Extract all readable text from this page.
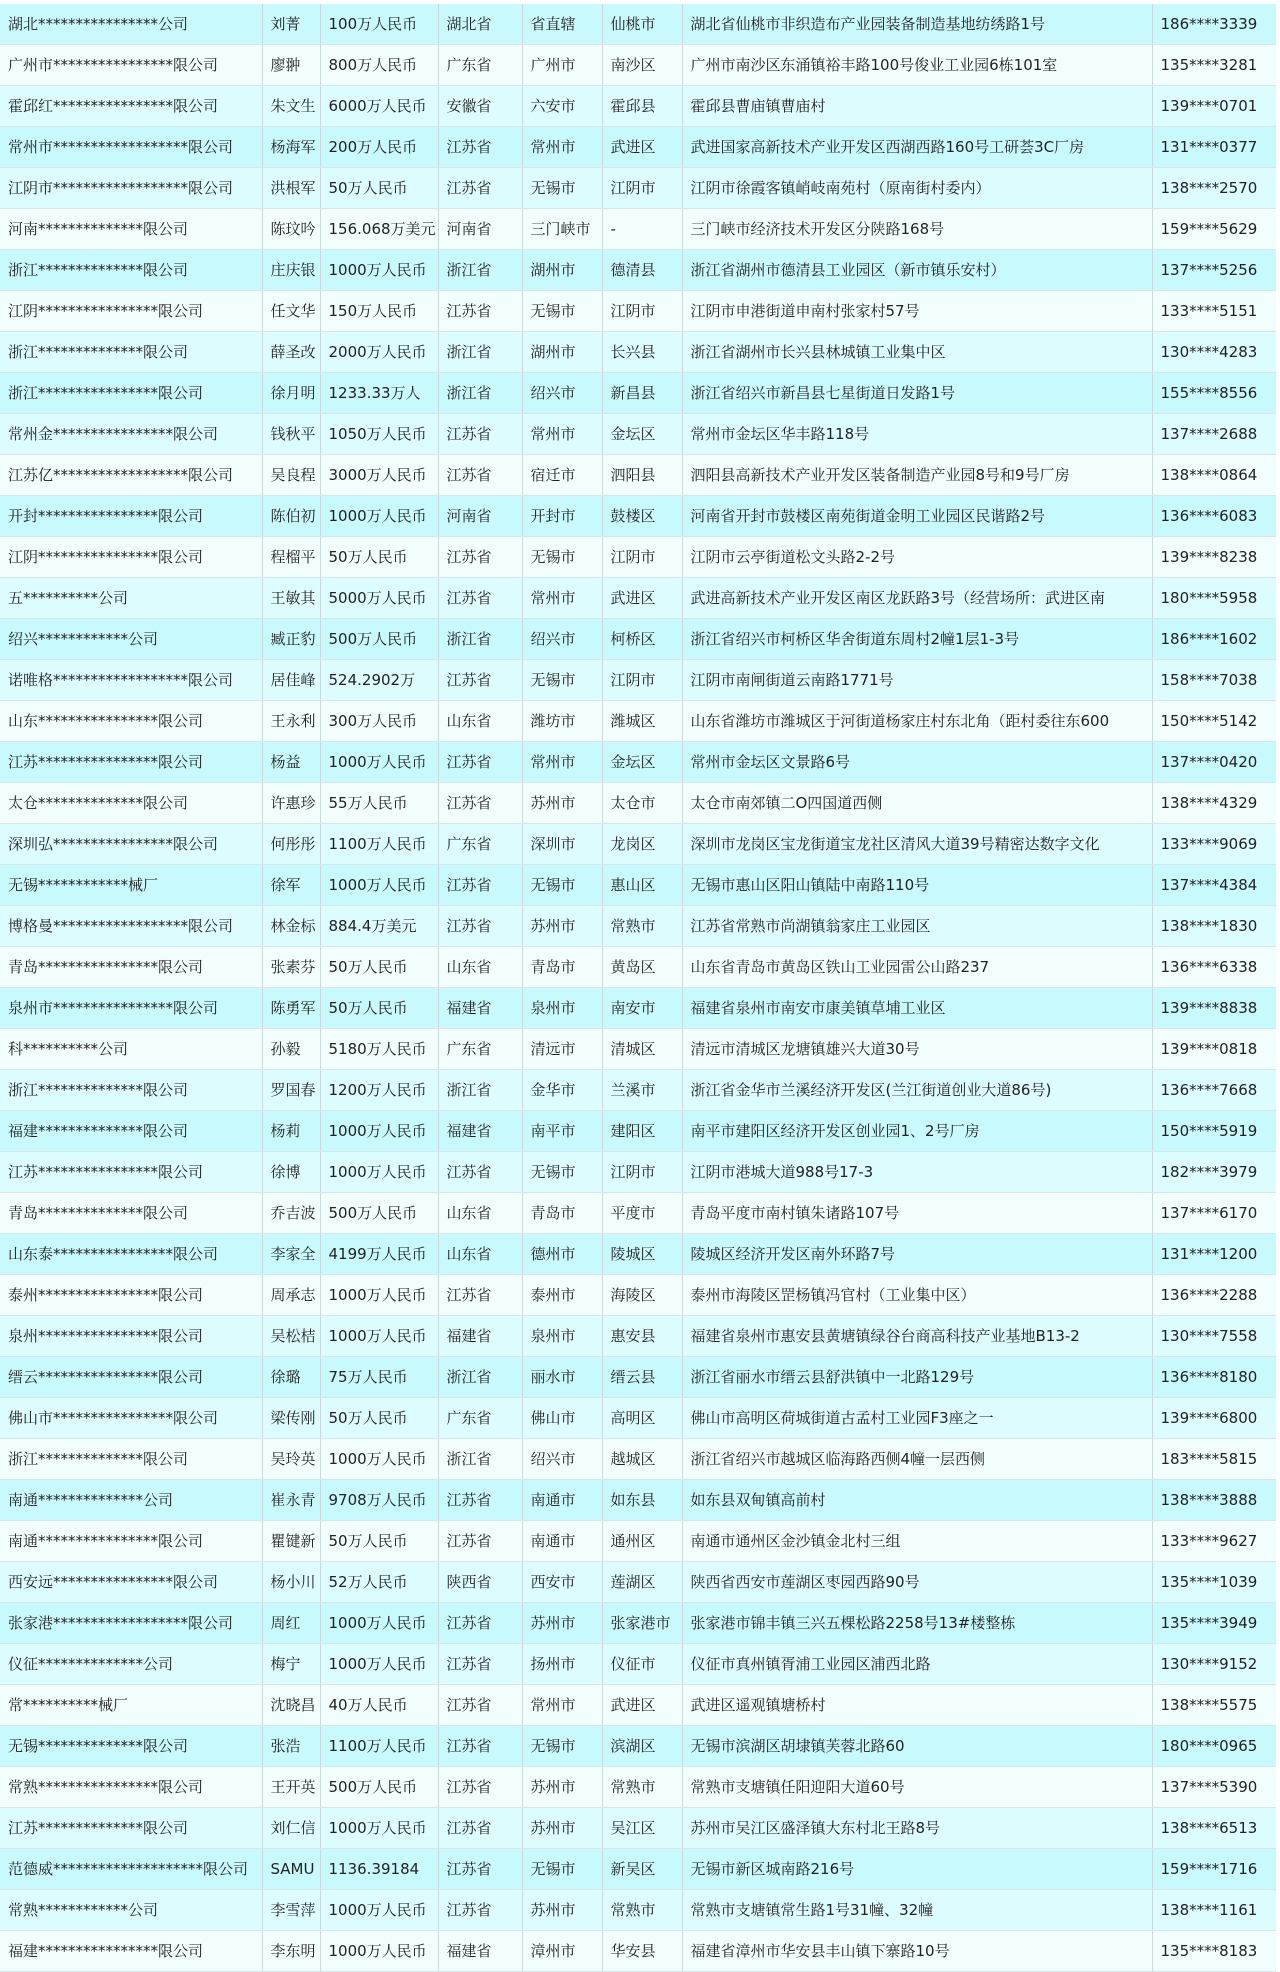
湖北****************公司	刘菁	100万人民币	湖北省	省直辖	仙桃市	湖北省仙桃市非织造布产业园装备制造基地纺绣路1号	186****3339
广州市****************限公司	廖翀	800万人民币	广东省	广州市	南沙区	广州市南沙区东涌镇裕丰路100号俊业工业园6栋101室	135****3281
霍邱红****************限公司	朱文生	6000万人民币	安徽省	六安市	霍邱县	霍邱县曹庙镇曹庙村	139****0701
常州市******************限公司	杨海军	200万人民币	江苏省	常州市	武进区	武进国家高新技术产业开发区西湖西路160号工研荟3C厂房	131****0377
江阴市******************限公司	洪根军	50万人民币	江苏省	无锡市	江阴市	江阴市徐霞客镇峭岐南苑村（原南街村委内）	138****2570
河南**************限公司	陈玟吟	156.068万美元	河南省	三门峡市	-	三门峡市经济技术开发区分陕路168号	159****5629
浙江**************限公司	庄庆银	1000万人民币	浙江省	湖州市	德清县	浙江省湖州市德清县工业园区（新市镇乐安村）	137****5256
江阴****************限公司	任文华	150万人民币	江苏省	无锡市	江阴市	江阴市申港街道申南村张家村57号	133****5151
浙江**************限公司	薛圣改	2000万人民币	浙江省	湖州市	长兴县	浙江省湖州市长兴县林城镇工业集中区	130****4283
浙江****************限公司	徐月明	1233.33万人	浙江省	绍兴市	新昌县	浙江省绍兴市新昌县七星街道日发路1号	155****8556
常州金****************限公司	钱秋平	1050万人民币	江苏省	常州市	金坛区	常州市金坛区华丰路118号	137****2688
江苏亿******************限公司	吴良程	3000万人民币	江苏省	宿迁市	泗阳县	泗阳县高新技术产业开发区装备制造产业园8号和9号厂房	138****0864
开封****************限公司	陈伯初	1000万人民币	河南省	开封市	鼓楼区	河南省开封市鼓楼区南苑街道金明工业园区民谐路2号	136****6083
江阴****************限公司	程榴平	50万人民币	江苏省	无锡市	江阴市	江阴市云亭街道松文头路2-2号	139****8238
五**********公司	王敏其	5000万人民币	江苏省	常州市	武进区	武进高新技术产业开发区南区龙跃路3号（经营场所：武进区南	180****5958
绍兴************公司	臧正豹	500万人民币	浙江省	绍兴市	柯桥区	浙江省绍兴市柯桥区华舍街道东周村2幢1层1-3号	186****1602
诺唯格******************限公司	居佳峰	524.2902万	江苏省	无锡市	江阴市	江阴市南闸街道云南路1771号	158****7038
山东****************限公司	王永利	300万人民币	山东省	潍坊市	潍城区	山东省潍坊市潍城区于河街道杨家庄村东北角（距村委往东600	150****5142
江苏****************限公司	杨益	1000万人民币	江苏省	常州市	金坛区	常州市金坛区文景路6号	137****0420
太仓**************限公司	许惠珍	55万人民币	江苏省	苏州市	太仓市	太仓市南郊镇二Ο四国道西侧	138****4329
深圳弘****************限公司	何彤彤	1100万人民币	广东省	深圳市	龙岗区	深圳市龙岗区宝龙街道宝龙社区清风大道39号精密达数字文化	133****9069
无锡************械厂	徐军	1000万人民币	江苏省	无锡市	惠山区	无锡市惠山区阳山镇陆中南路110号	137****4384
博格曼******************限公司	林金标	884.4万美元	江苏省	苏州市	常熟市	江苏省常熟市尚湖镇翁家庄工业园区	138****1830
青岛****************限公司	张素芬	50万人民币	山东省	青岛市	黄岛区	山东省青岛市黄岛区铁山工业园雷公山路237	136****6338
泉州市****************限公司	陈勇军	50万人民币	福建省	泉州市	南安市	福建省泉州市南安市康美镇草埔工业区	139****8838
科**********公司	孙毅	5180万人民币	广东省	清远市	清城区	清远市清城区龙塘镇雄兴大道30号	139****0818
浙江**************限公司	罗国春	1200万人民币	浙江省	金华市	兰溪市	浙江省金华市兰溪经济开发区(兰江街道创业大道86号)	136****7668
福建**************限公司	杨莉	1000万人民币	福建省	南平市	建阳区	南平市建阳区经济开发区创业园1、2号厂房	150****5919
江苏****************限公司	徐博	1000万人民币	江苏省	无锡市	江阴市	江阴市港城大道988号17-3	182****3979
青岛**************限公司	乔吉波	500万人民币	山东省	青岛市	平度市	青岛平度市南村镇朱诸路107号	137****6170
山东泰****************限公司	李家全	4199万人民币	山东省	德州市	陵城区	陵城区经济开发区南外环路7号	131****1200
泰州****************限公司	周承志	1000万人民币	江苏省	泰州市	海陵区	泰州市海陵区罡杨镇冯官村（工业集中区）	136****2288
泉州****************限公司	吴松桔	1000万人民币	福建省	泉州市	惠安县	福建省泉州市惠安县黄塘镇绿谷台商高科技产业基地B13-2	130****7558
缙云****************限公司	徐璐	75万人民币	浙江省	丽水市	缙云县	浙江省丽水市缙云县舒洪镇中一北路129号	136****8180
佛山市****************限公司	梁传刚	50万人民币	广东省	佛山市	高明区	佛山市高明区荷城街道古孟村工业园F3座之一	139****6800
浙江**************限公司	吴玲英	1000万人民币	浙江省	绍兴市	越城区	浙江省绍兴市越城区临海路西侧4幢一层西侧	183****5815
南通**************公司	崔永青	9708万人民币	江苏省	南通市	如东县	如东县双甸镇高前村	138****3888
南通****************限公司	瞿键新	50万人民币	江苏省	南通市	通州区	南通市通州区金沙镇金北村三组	133****9627
西安远****************限公司	杨小川	52万人民币	陕西省	西安市	莲湖区	陕西省西安市莲湖区枣园西路90号	135****1039
张家港******************限公司	周红	1000万人民币	江苏省	苏州市	张家港市	张家港市锦丰镇三兴五棵松路2258号13#楼整栋	135****3949
仪征**************公司	梅宁	1000万人民币	江苏省	扬州市	仪征市	仪征市真州镇胥浦工业园区浦西北路	130****9152
常**********械厂	沈晓昌	40万人民币	江苏省	常州市	武进区	武进区遥观镇塘桥村	138****5575
无锡**************限公司	张浩	1100万人民币	江苏省	无锡市	滨湖区	无锡市滨湖区胡埭镇芙蓉北路60	180****0965
常熟****************限公司	王开英	500万人民币	江苏省	苏州市	常熟市	常熟市支塘镇任阳迎阳大道60号	137****5390
江苏**************限公司	刘仁信	1000万人民币	江苏省	苏州市	吴江区	苏州市吴江区盛泽镇大东村北王路8号	138****6513
范德威********************限公司	SAMU	1136.39184	江苏省	无锡市	新吴区	无锡市新区城南路216号	159****1716
常熟************公司	李雪萍	1000万人民币	江苏省	苏州市	常熟市	常熟市支塘镇常生路1号31幢、32幢	138****1161
福建****************限公司	李东明	1000万人民币	福建省	漳州市	华安县	福建省漳州市华安县丰山镇下寨路10号	135****8183
